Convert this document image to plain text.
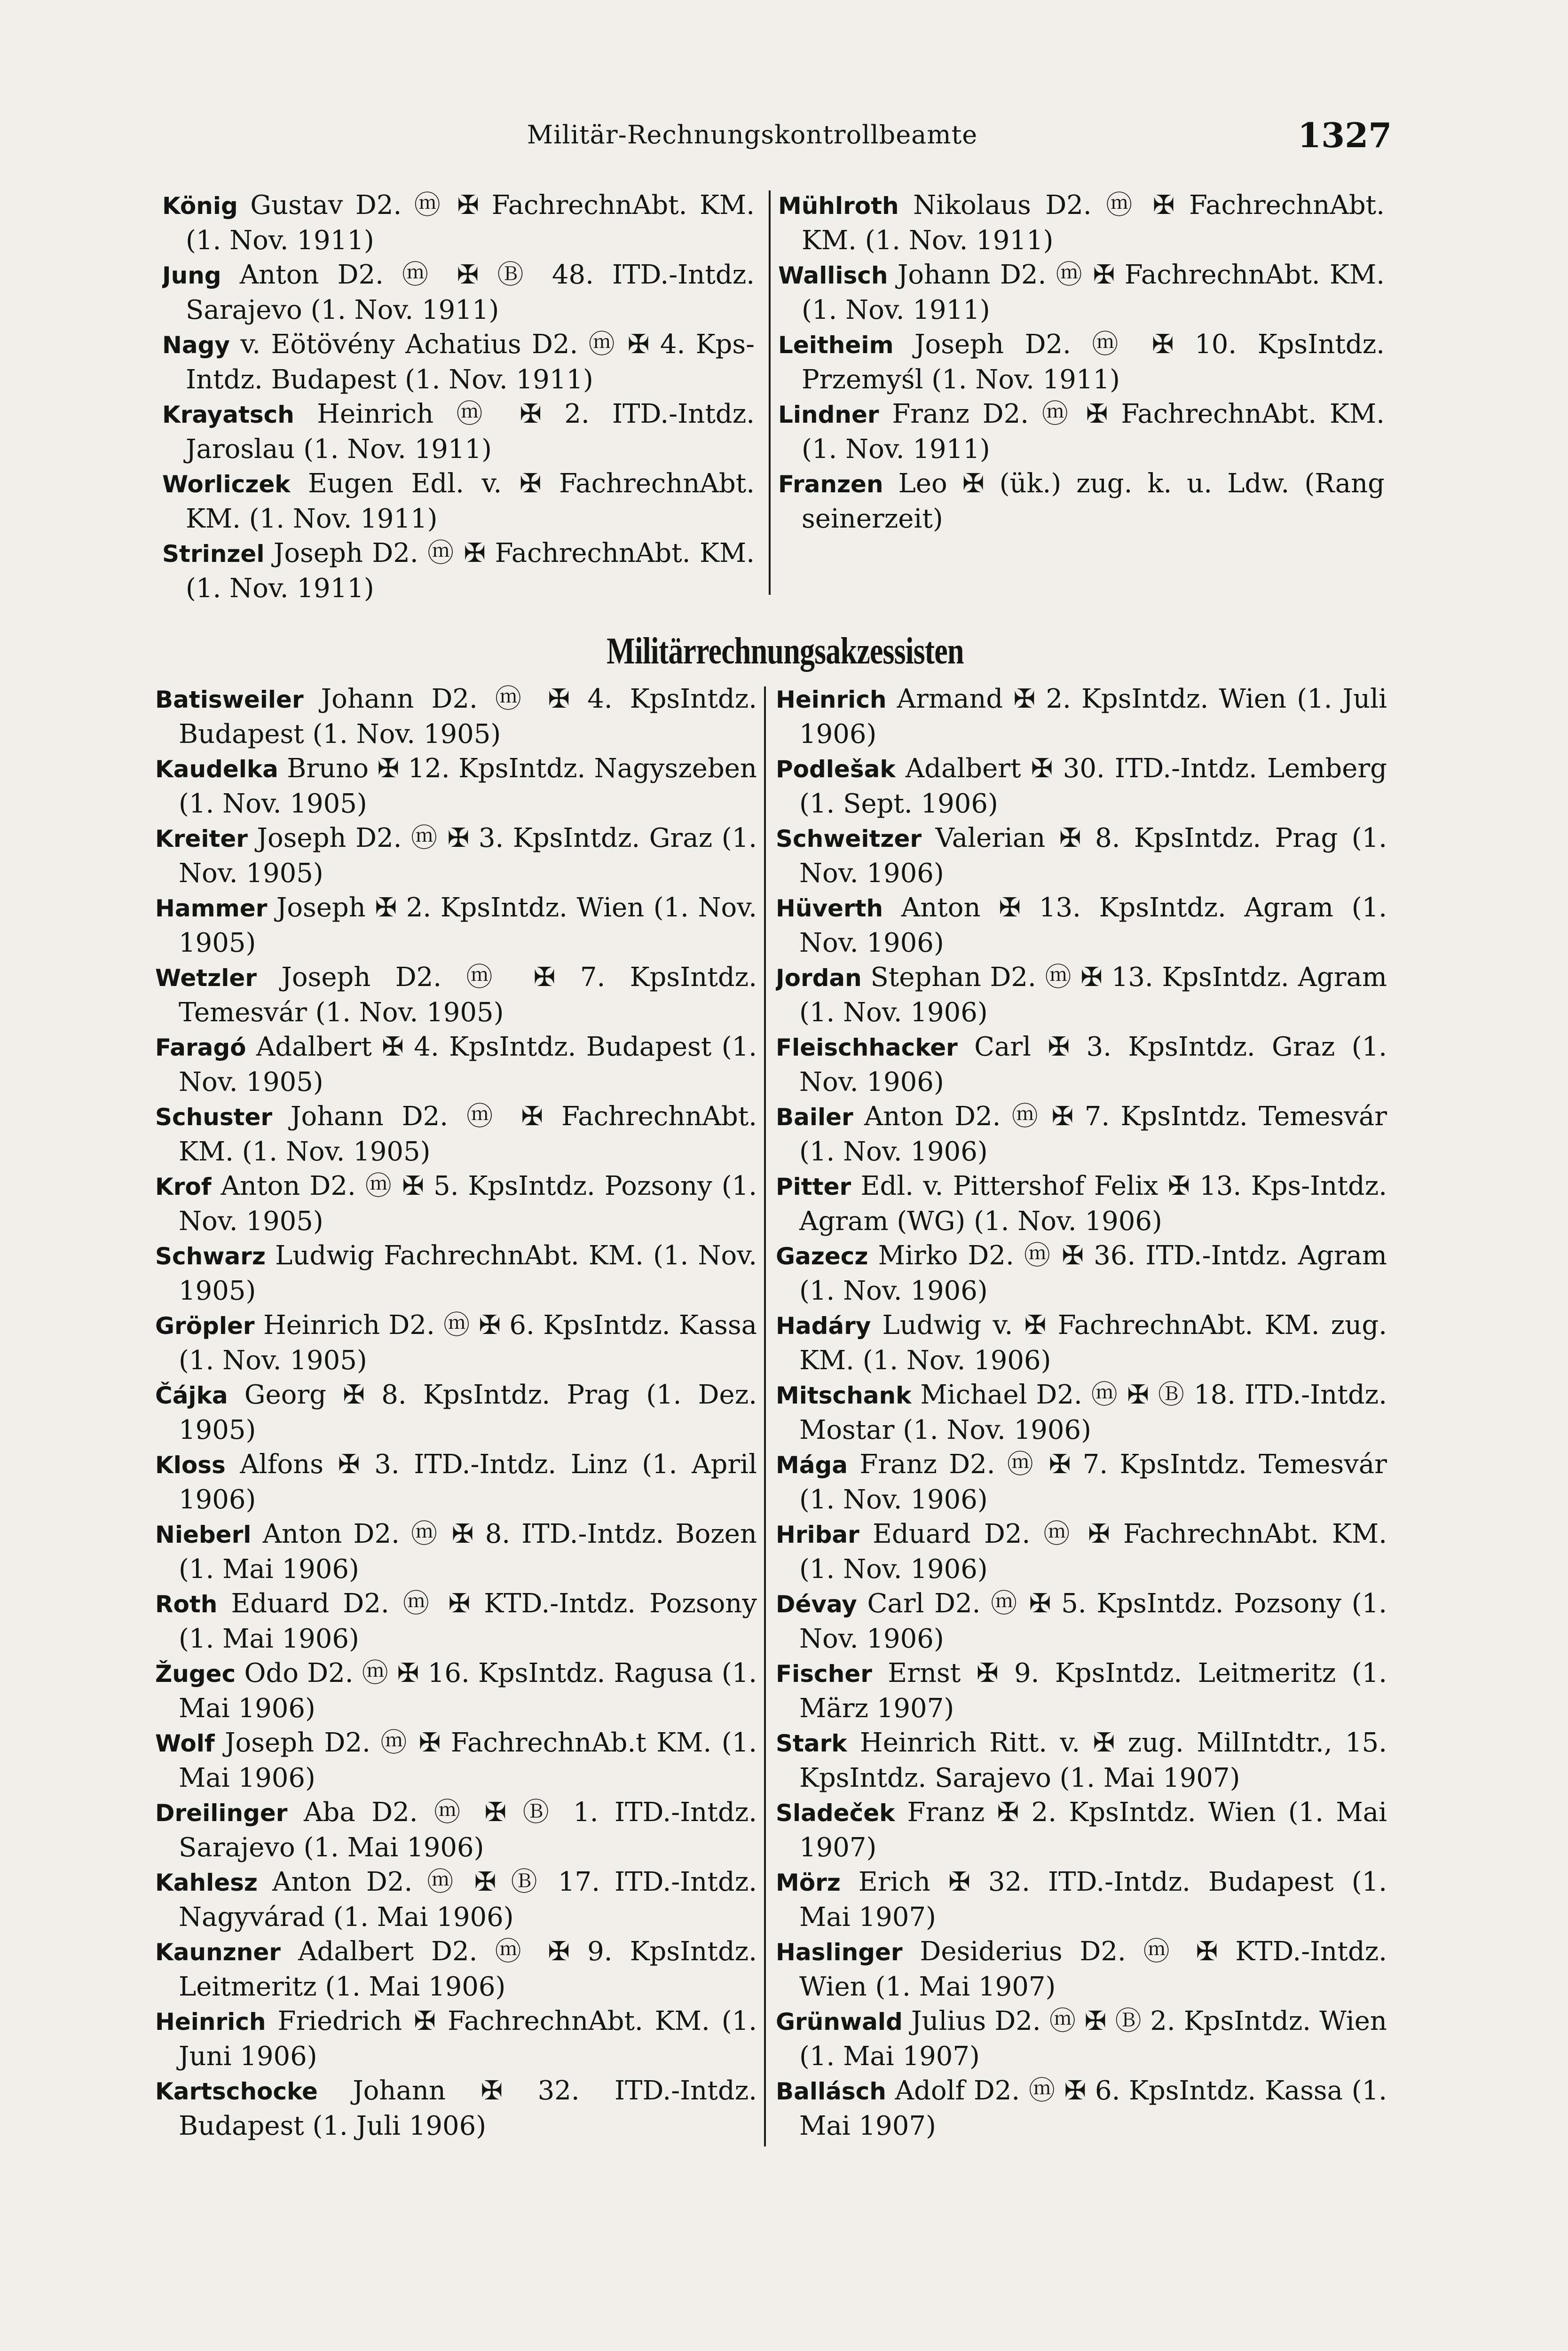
Militär-Rechnungskontrollbeamte	1327

König Gustav D2. ⓜ ✠ FachrechnAbt. KM. (1. Nov. 1911)

Jung Anton D2. ⓜ ✠ Ⓑ 48. ITD.-Intdz. Sarajevo (1. Nov. 1911)

Nagy v. Eötövény Achatius D2. ⓜ ✠ 4. Kps-Intdz. Budapest (1. Nov. 1911)

Krayatsch Heinrich ⓜ ✠ 2. ITD.-Intdz. Jaroslau (1. Nov. 1911)

Worliczek Eugen Edl. v. ✠ FachrechnAbt. KM. (1. Nov. 1911)

Strinzel Joseph D2. ⓜ ✠ FachrechnAbt. KM. (1. Nov. 1911)

Mühlroth Nikolaus D2. ⓜ ✠ FachrechnAbt. KM. (1. Nov. 1911)

Wallisch Johann D2. ⓜ ✠ FachrechnAbt. KM. (1. Nov. 1911)

Leitheim Joseph D2. ⓜ ✠ 10. KpsIntdz. Przemyśl (1. Nov. 1911)

Lindner Franz D2. ⓜ ✠ FachrechnAbt. KM. (1. Nov. 1911)

Franzen Leo ✠ (ük.) zug. k. u. Ldw. (Rang seinerzeit)

Militärrechnungsakzessisten

Batisweiler Johann D2. ⓜ ✠ 4. KpsIntdz. Budapest (1. Nov. 1905)

Kaudelka Bruno ✠ 12. KpsIntdz. Nagyszeben (1. Nov. 1905)

Kreiter Joseph D2. ⓜ ✠ 3. KpsIntdz. Graz (1. Nov. 1905)

Hammer Joseph ✠ 2. KpsIntdz. Wien (1. Nov. 1905)

Wetzler Joseph D2. ⓜ ✠ 7. KpsIntdz. Temesvár (1. Nov. 1905)

Faragó Adalbert ✠ 4. KpsIntdz. Budapest (1. Nov. 1905)

Schuster Johann D2. ⓜ ✠ FachrechnAbt. KM. (1. Nov. 1905)

Krof Anton D2. ⓜ ✠ 5. KpsIntdz. Pozsony (1. Nov. 1905)

Schwarz Ludwig FachrechnAbt. KM. (1. Nov. 1905)

Gröpler Heinrich D2. ⓜ ✠ 6. KpsIntdz. Kassa (1. Nov. 1905)

Čájka Georg ✠ 8. KpsIntdz. Prag (1. Dez. 1905)

Kloss Alfons ✠ 3. ITD.-Intdz. Linz (1. April 1906)

Nieberl Anton D2. ⓜ ✠ 8. ITD.-Intdz. Bozen (1. Mai 1906)

Roth Eduard D2. ⓜ ✠ KTD.-Intdz. Pozsony (1. Mai 1906)

Žugec Odo D2. ⓜ ✠ 16. KpsIntdz. Ragusa (1. Mai 1906)

Wolf Joseph D2. ⓜ ✠ FachrechnAb.t KM. (1. Mai 1906)

Dreilinger Aba D2. ⓜ ✠ Ⓑ 1. ITD.-Intdz. Sarajevo (1. Mai 1906)

Kahlesz Anton D2. ⓜ ✠ Ⓑ 17. ITD.-Intdz. Nagyvárad (1. Mai 1906)

Kaunzner Adalbert D2. ⓜ ✠ 9. KpsIntdz. Leitmeritz (1. Mai 1906)

Heinrich Friedrich ✠ FachrechnAbt. KM. (1. Juni 1906)

Kartschocke Johann ✠ 32. ITD.-Intdz. Budapest (1. Juli 1906)

Heinrich Armand ✠ 2. KpsIntdz. Wien (1. Juli 1906)

Podlešak Adalbert ✠ 30. ITD.-Intdz. Lemberg (1. Sept. 1906)

Schweitzer Valerian ✠ 8. KpsIntdz. Prag (1. Nov. 1906)

Hüverth Anton ✠ 13. KpsIntdz. Agram (1. Nov. 1906)

Jordan Stephan D2. ⓜ ✠ 13. KpsIntdz. Agram (1. Nov. 1906)

Fleischhacker Carl ✠ 3. KpsIntdz. Graz (1. Nov. 1906)

Bailer Anton D2. ⓜ ✠ 7. KpsIntdz. Temesvár (1. Nov. 1906)

Pitter Edl. v. Pittershof Felix ✠ 13. Kps-Intdz. Agram (WG) (1. Nov. 1906)

Gazecz Mirko D2. ⓜ ✠ 36. ITD.-Intdz. Agram (1. Nov. 1906)

Hadáry Ludwig v. ✠ FachrechnAbt. KM. zug. KM. (1. Nov. 1906)

Mitschank Michael D2. ⓜ ✠ Ⓑ 18. ITD.-Intdz. Mostar (1. Nov. 1906)

Mága Franz D2. ⓜ ✠ 7. KpsIntdz. Temesvár (1. Nov. 1906)

Hribar Eduard D2. ⓜ ✠ FachrechnAbt. KM. (1. Nov. 1906)

Dévay Carl D2. ⓜ ✠ 5. KpsIntdz. Pozsony (1. Nov. 1906)

Fischer Ernst ✠ 9. KpsIntdz. Leitmeritz (1. März 1907)

Stark Heinrich Ritt. v. ✠ zug. MilIntdtr., 15. KpsIntdz. Sarajevo (1. Mai 1907)

Sladeček Franz ✠ 2. KpsIntdz. Wien (1. Mai 1907)

Mörz Erich ✠ 32. ITD.-Intdz. Budapest (1. Mai 1907)

Haslinger Desiderius D2. ⓜ ✠ KTD.-Intdz. Wien (1. Mai 1907)

Grünwald Julius D2. ⓜ ✠ Ⓑ 2. KpsIntdz. Wien (1. Mai 1907)

Ballásch Adolf D2. ⓜ ✠ 6. KpsIntdz. Kassa (1. Mai 1907)
